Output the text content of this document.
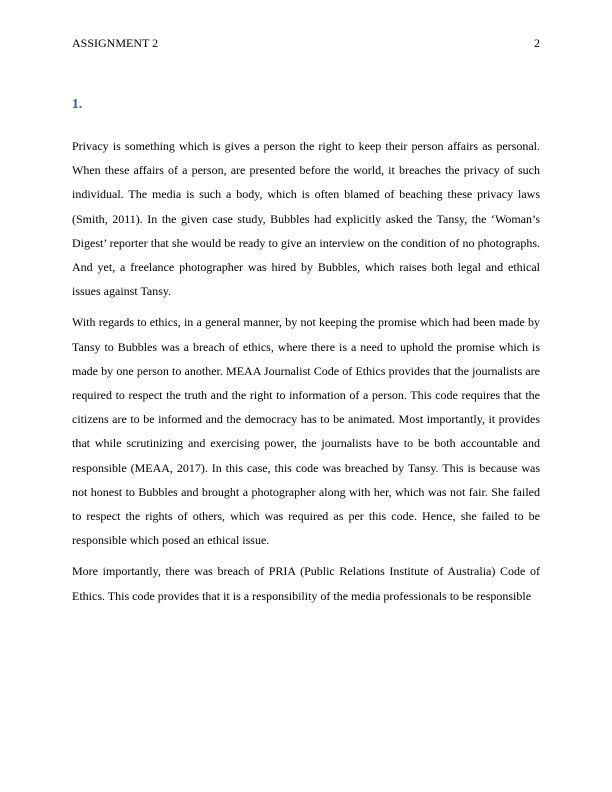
ASSIGNMENT 2	2
1.

Privacy is something which is gives a person the right to keep their person affairs as personal. When these affairs of a person, are presented before the world, it breaches the privacy of such individual. The media is such a body, which is often blamed of beaching these privacy laws (Smith, 2011). In the given case study, Bubbles had explicitly asked the Tansy, the ‘Woman’s Digest’ reporter that she would be ready to give an interview on the condition of no photographs. And yet, a freelance photographer was hired by Bubbles, which raises both legal and ethical issues against Tansy.

With regards to ethics, in a general manner, by not keeping the promise which had been made by Tansy to Bubbles was a breach of ethics, where there is a need to uphold the promise which is made by one person to another. MEAA Journalist Code of Ethics provides that the journalists are required to respect the truth and the right to information of a person. This code requires that the citizens are to be informed and the democracy has to be animated. Most importantly, it provides that while scrutinizing and exercising power, the journalists have to be both accountable and responsible (MEAA, 2017). In this case, this code was breached by Tansy. This is because was not honest to Bubbles and brought a photographer along with her, which was not fair. She failed to respect the rights of others, which was required as per this code. Hence, she failed to be responsible which posed an ethical issue.

More importantly, there was breach of PRIA (Public Relations Institute of Australia) Code of Ethics. This code provides that it is a responsibility of the media professionals to be responsible
